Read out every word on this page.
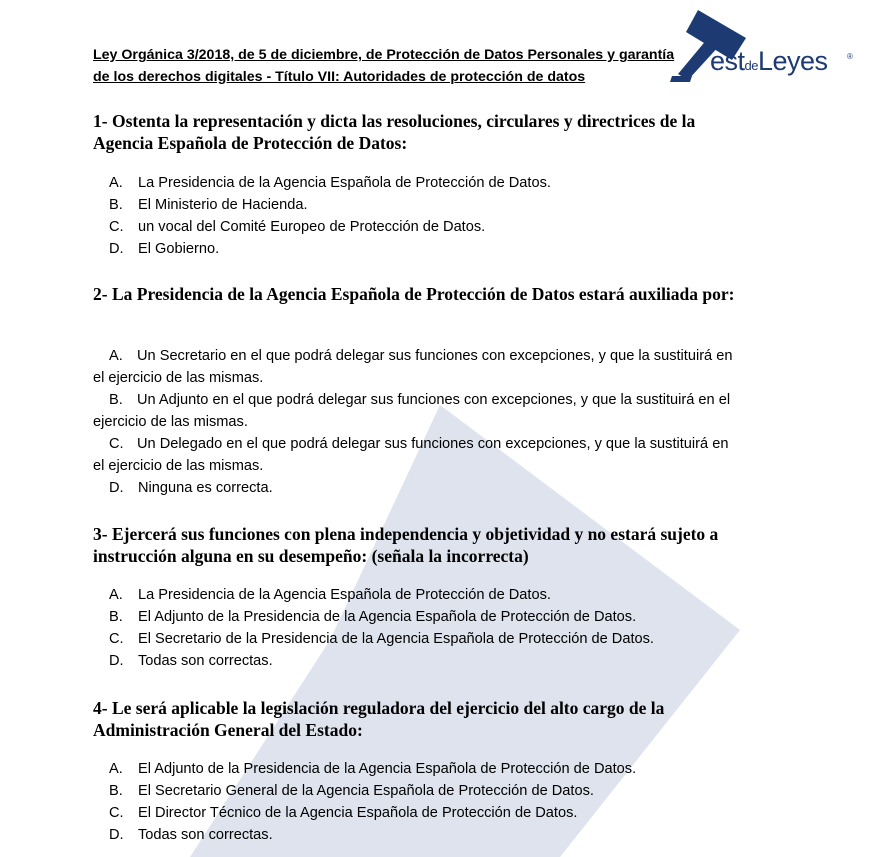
Ley Orgánica 3/2018, de 5 de diciembre, de Protección de Datos Personales y garantía
de los derechos digitales - Título VII: Autoridades de protección de datos
estdeLeyes ®
1- Ostenta la representación y dicta las resoluciones, circulares y directrices de la Agencia Española de Protección de Datos:
A. La Presidencia de la Agencia Española de Protección de Datos.
B. El Ministerio de Hacienda.
C. un vocal del Comité Europeo de Protección de Datos.
D. El Gobierno.
2- La Presidencia de la Agencia Española de Protección de Datos estará auxiliada por:
A. Un Secretario en el que podrá delegar sus funciones con excepciones, y que la sustituirá en el ejercicio de las mismas.
B. Un Adjunto en el que podrá delegar sus funciones con excepciones, y que la sustituirá en el ejercicio de las mismas.
C. Un Delegado en el que podrá delegar sus funciones con excepciones, y que la sustituirá en el ejercicio de las mismas.
D. Ninguna es correcta.
3- Ejercerá sus funciones con plena independencia y objetividad y no estará sujeto a instrucción alguna en su desempeño: (señala la incorrecta)
A. La Presidencia de la Agencia Española de Protección de Datos.
B. El Adjunto de la Presidencia de la Agencia Española de Protección de Datos.
C. El Secretario de la Presidencia de la Agencia Española de Protección de Datos.
D. Todas son correctas.
4- Le será aplicable la legislación reguladora del ejercicio del alto cargo de la Administración General del Estado:
A. El Adjunto de la Presidencia de la Agencia Española de Protección de Datos.
B. El Secretario General de la Agencia Española de Protección de Datos.
C. El Director Técnico de la Agencia Española de Protección de Datos.
D. Todas son correctas.
